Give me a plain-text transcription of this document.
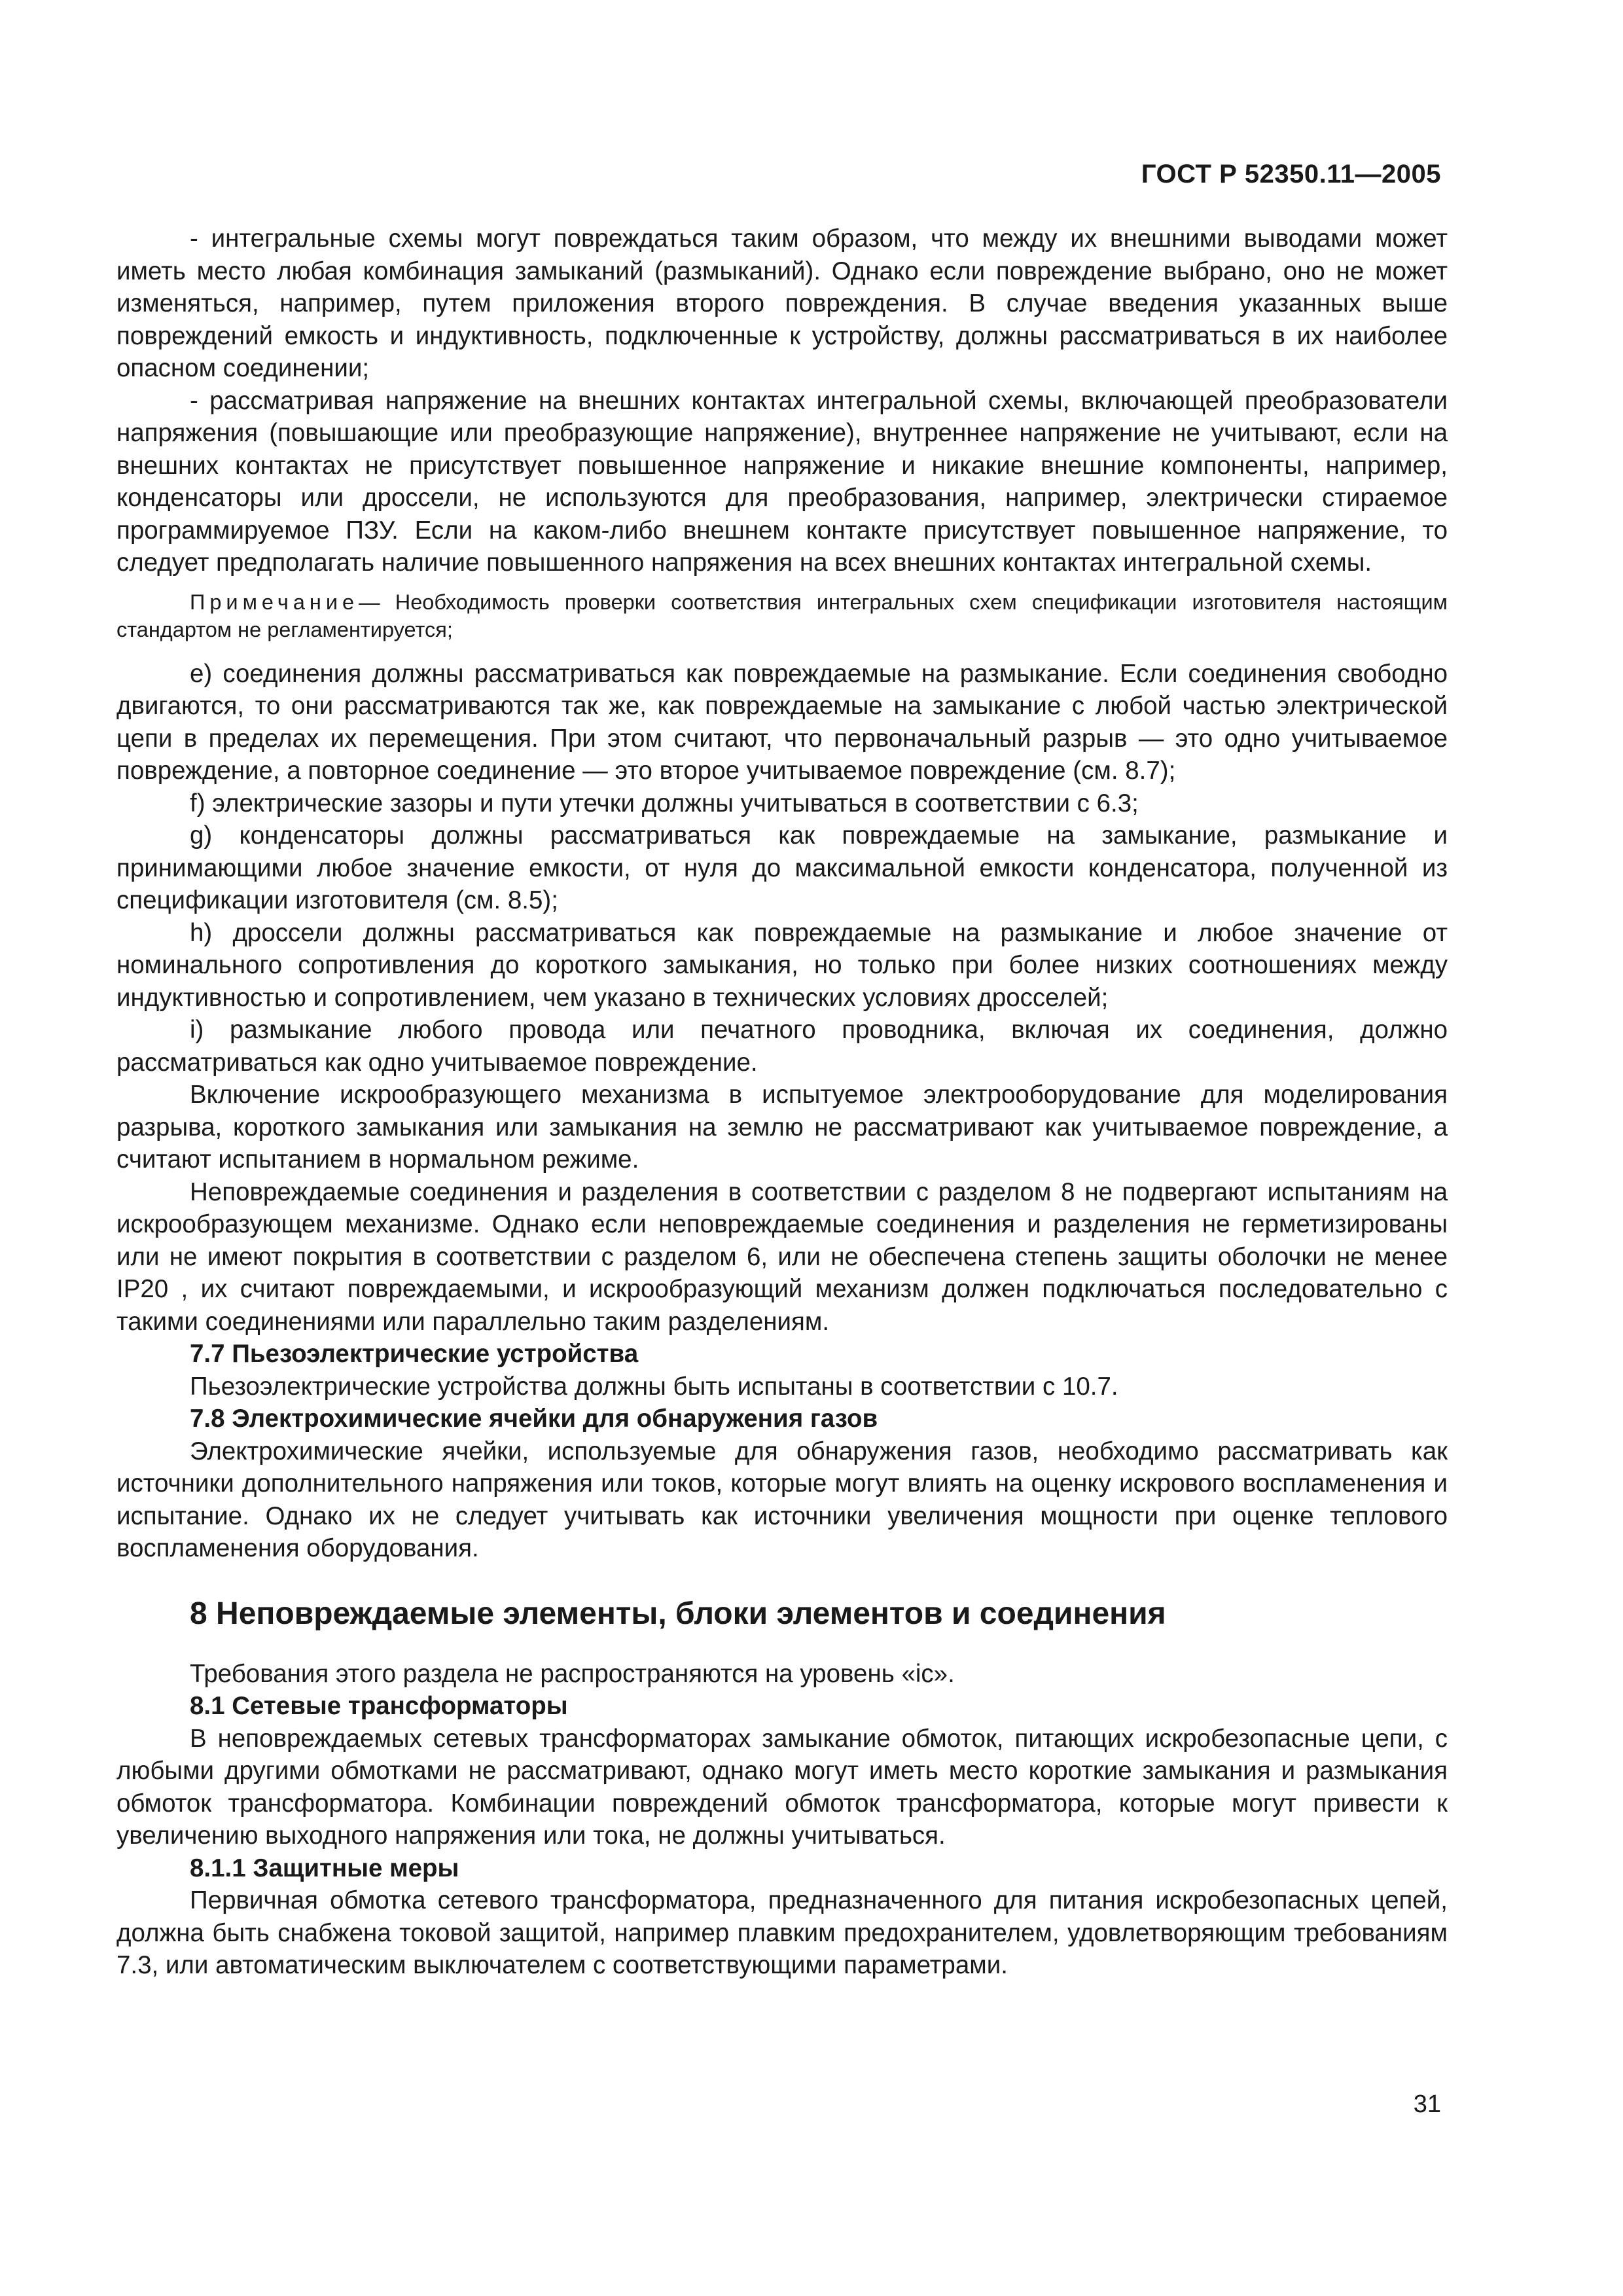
ГОСТ Р 52350.11—2005

- интегральные схемы могут повреждаться таким образом, что между их внешними выводами может иметь место любая комбинация замыканий (размыканий). Однако если повреждение выбрано, оно не может изменяться, например, путем приложения второго повреждения. В случае введения указанных выше повреждений емкость и индуктивность, подключенные к устройству, должны рассматриваться в их наиболее опасном соединении;

- рассматривая напряжение на внешних контактах интегральной схемы, включающей преобразователи напряжения (повышающие или преобразующие напряжение), внутреннее напряжение не учитывают, если на внешних контактах не присутствует повышенное напряжение и никакие внешние компоненты, например, конденсаторы или дроссели, не используются для преобразования, например, электрически стираемое программируемое ПЗУ. Если на каком-либо внешнем контакте присутствует повышенное напряжение, то следует предполагать наличие повышенного напряжения на всех внешних контактах интегральной схемы.

Примечание— Необходимость проверки соответствия интегральных схем спецификации изготовителя настоящим стандартом не регламентируется;

е) соединения должны рассматриваться как повреждаемые на размыкание. Если соединения свободно двигаются, то они рассматриваются так же, как повреждаемые на замыкание с любой частью электрической цепи в пределах их перемещения. При этом считают, что первоначальный разрыв — это одно учитываемое повреждение, а повторное соединение — это второе учитываемое повреждение (см. 8.7);

f) электрические зазоры и пути утечки должны учитываться в соответствии с 6.3;

g) конденсаторы должны рассматриваться как повреждаемые на замыкание, размыкание и принимающими любое значение емкости, от нуля до максимальной емкости конденсатора, полученной из спецификации изготовителя (см. 8.5);

h) дроссели должны рассматриваться как повреждаемые на размыкание и любое значение от номинального сопротивления до короткого замыкания, но только при более низких соотношениях между индуктивностью и сопротивлением, чем указано в технических условиях дросселей;

i) размыкание любого провода или печатного проводника, включая их соединения, должно рассматриваться как одно учитываемое повреждение.

Включение искрообразующего механизма в испытуемое электрооборудование для моделирования разрыва, короткого замыкания или замыкания на землю не рассматривают как учитываемое повреждение, а считают испытанием в нормальном режиме.

Неповреждаемые соединения и разделения в соответствии с разделом 8 не подвергают испытаниям на искрообразующем механизме. Однако если неповреждаемые соединения и разделения не герметизированы или не имеют покрытия в соответствии с разделом 6, или не обеспечена степень защиты оболочки не менее IP20 , их считают повреждаемыми, и искрообразующий механизм должен подключаться последовательно с такими соединениями или параллельно таким разделениям.

7.7 Пьезоэлектрические устройства

Пьезоэлектрические устройства должны быть испытаны в соответствии с 10.7.

7.8 Электрохимические ячейки для обнаружения газов

Электрохимические ячейки, используемые для обнаружения газов, необходимо рассматривать как источники дополнительного напряжения или токов, которые могут влиять на оценку искрового воспламенения и испытание. Однако их не следует учитывать как источники увеличения мощности при оценке теплового воспламенения оборудования.

8 Неповреждаемые элементы, блоки элементов и соединения

Требования этого раздела не распространяются на уровень «ic».

8.1 Сетевые трансформаторы

В неповреждаемых сетевых трансформаторах замыкание обмоток, питающих искробезопасные цепи, с любыми другими обмотками не рассматривают, однако могут иметь место короткие замыкания и размыкания обмоток трансформатора. Комбинации повреждений обмоток трансформатора, которые могут привести к увеличению выходного напряжения или тока, не должны учитываться.

8.1.1 Защитные меры

Первичная обмотка сетевого трансформатора, предназначенного для питания искробезопасных цепей, должна быть снабжена токовой защитой, например плавким предохранителем, удовлетворяющим требованиям 7.3, или автоматическим выключателем с соответствующими параметрами.

31
